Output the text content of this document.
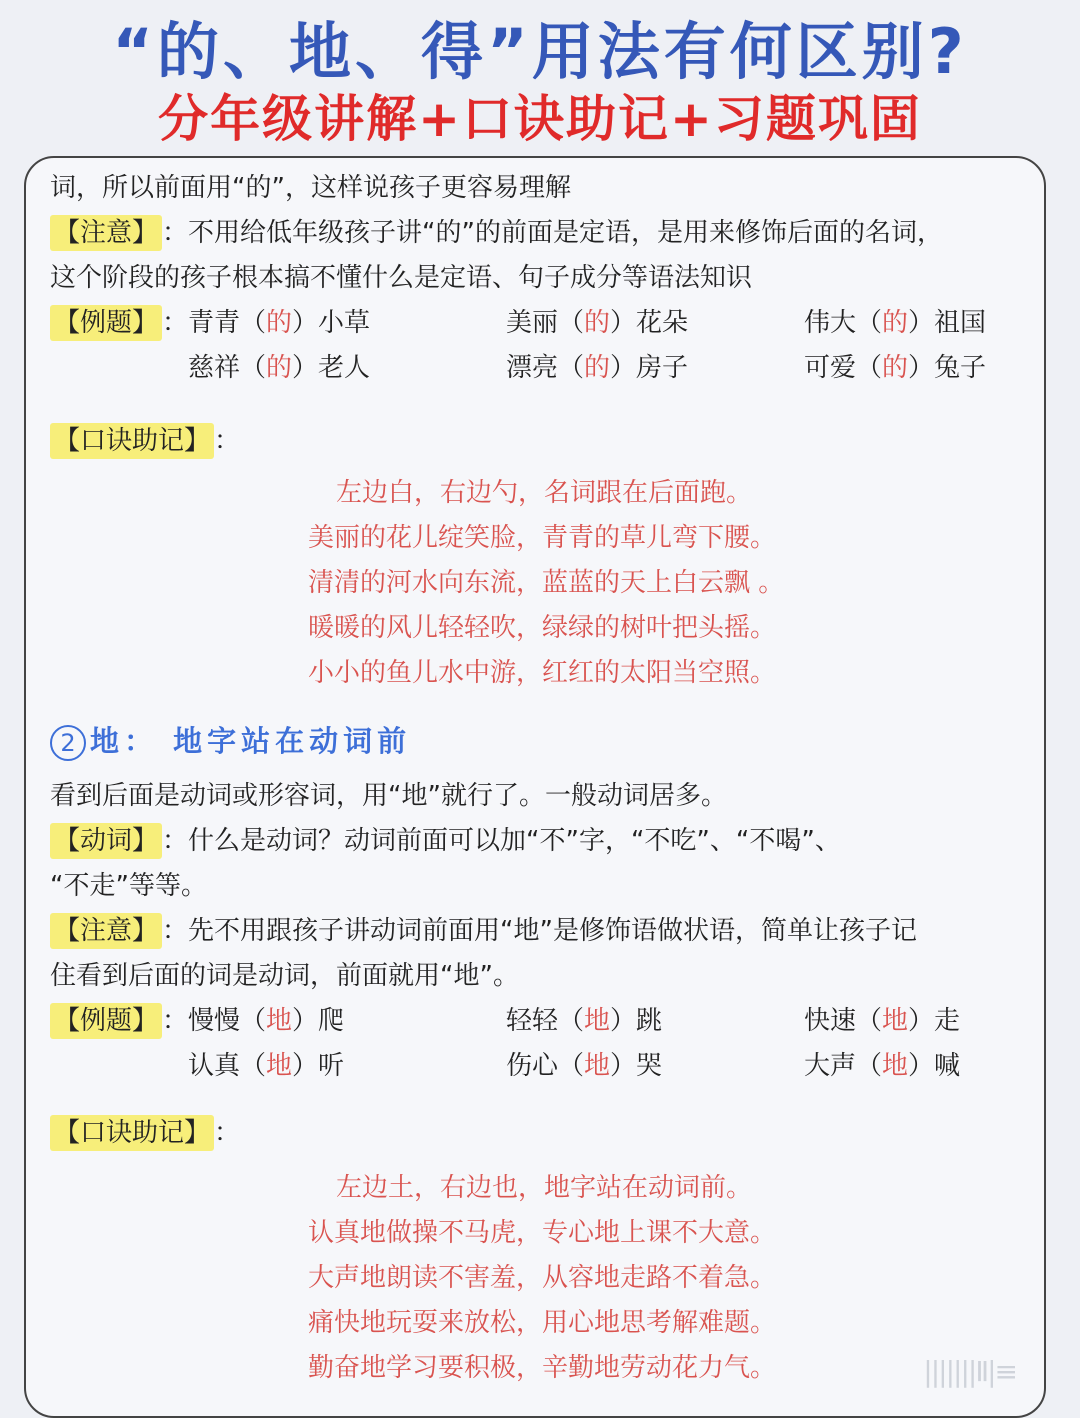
“的、地、得”用法有何区别?
分年级讲解+口诀助记+习题巩固
词，所以前面用“的”，这样说孩子更容易理解
【注意】 ：不用给低年级孩子讲“的”的前面是定语，是用来修饰后面的名词，
这个阶段的孩子根本搞不懂什么是定语、句子成分等语法知识
【例题】 ： 青青（的）小草	美丽（的）花朵	伟大（的）祖国
慈祥（的）老人	漂亮（的）房子	可爱（的）兔子
【口诀助记】 ：
左边白，右边勺，名词跟在后面跑。
美丽的花儿绽笑脸，青青的草儿弯下腰。
清清的河水向东流，蓝蓝的天上白云飘 。
暖暖的风儿轻轻吹，绿绿的树叶把头摇。
小小的鱼儿水中游，红红的太阳当空照。
2 地： 地字站在动词前
看到后面是动词或形容词，用“地”就行了。一般动词居多。
【动词】 ：什么是动词？动词前面可以加“不”字，“不吃”、“不喝”、
“不走”等等。
【注意】 ：先不用跟孩子讲动词前面用“地”是修饰语做状语，简单让孩子记
住看到后面的词是动词，前面就用“地”。
【例题】 ： 慢慢（地）爬	轻轻（地）跳	快速（地）走
认真（地）听	伤心（地）哭	大声（地）喊
【口诀助记】 ：
左边土，右边也，地字站在动词前。
认真地做操不马虎，专心地上课不大意。
大声地朗读不害羞，从容地走路不着急。
痛快地玩耍来放松，用心地思考解难题。
勤奋地学习要积极，辛勤地劳动花力气。	|||||||Ⅱ|≡
